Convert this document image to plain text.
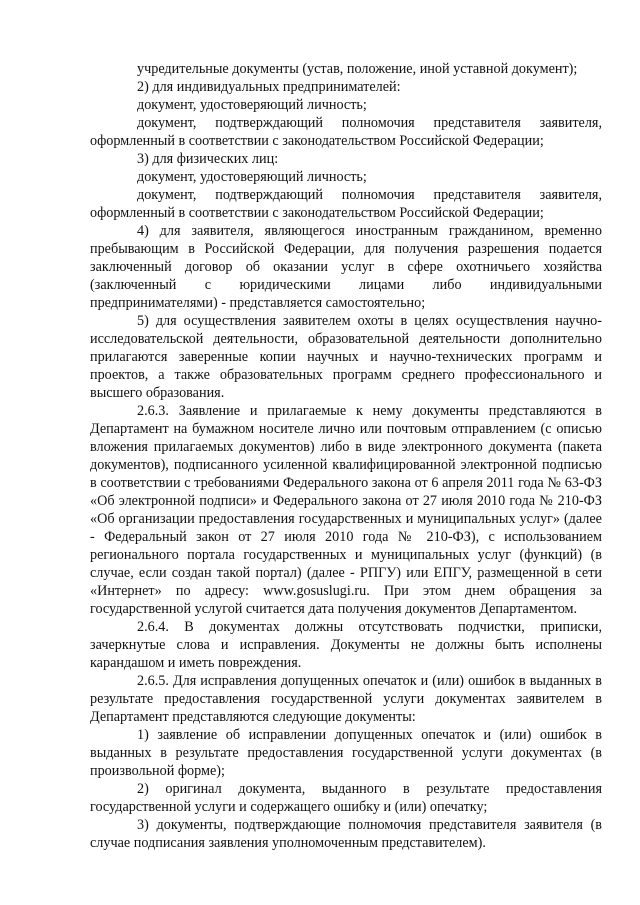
учредительные документы (устав, положение, иной уставной документ);

2) для индивидуальных предпринимателей:

документ, удостоверяющий личность;

документ, подтверждающий полномочия представителя заявителя, оформленный в соответствии с законодательством Российской Федерации;

3) для физических лиц:

документ, удостоверяющий личность;

документ, подтверждающий полномочия представителя заявителя, оформленный в соответствии с законодательством Российской Федерации;

4) для заявителя, являющегося иностранным гражданином, временно пребывающим в Российской Федерации, для получения разрешения подается заключенный договор об оказании услуг в сфере охотничьего хозяйства (заключенный с юридическими лицами либо индивидуальными предпринимателями) - представляется самостоятельно;

5) для осуществления заявителем охоты в целях осуществления научно-исследовательской деятельности, образовательной деятельности дополнительно прилагаются заверенные копии научных и научно-технических программ и проектов, а также образовательных программ среднего профессионального и высшего образования.

2.6.3. Заявление и прилагаемые к нему документы представляются в Департамент на бумажном носителе лично или почтовым отправлением (с описью вложения прилагаемых документов) либо в виде электронного документа (пакета документов), подписанного усиленной квалифицированной электронной подписью в соответствии с требованиями Федерального закона от 6 апреля 2011 года № 63-ФЗ «Об электронной подписи» и Федерального закона от 27 июля 2010 года № 210-ФЗ «Об организации предоставления государственных и муниципальных услуг» (далее - Федеральный закон от 27 июля 2010 года № 210-ФЗ), с использованием регионального портала государственных и муниципальных услуг (функций) (в случае, если создан такой портал) (далее - РПГУ) или ЕПГУ, размещенной в сети «Интернет» по адресу: www.gosuslugi.ru. При этом днем обращения за государственной услугой считается дата получения документов Департаментом.

2.6.4. В документах должны отсутствовать подчистки, приписки, зачеркнутые слова и исправления. Документы не должны быть исполнены карандашом и иметь повреждения.

2.6.5. Для исправления допущенных опечаток и (или) ошибок в выданных в результате предоставления государственной услуги документах заявителем в Департамент представляются следующие документы:

1) заявление об исправлении допущенных опечаток и (или) ошибок в выданных в результате предоставления государственной услуги документах (в произвольной форме);

2) оригинал документа, выданного в результате предоставления государственной услуги и содержащего ошибку и (или) опечатку;

3) документы, подтверждающие полномочия представителя заявителя (в случае подписания заявления уполномоченным представителем).
